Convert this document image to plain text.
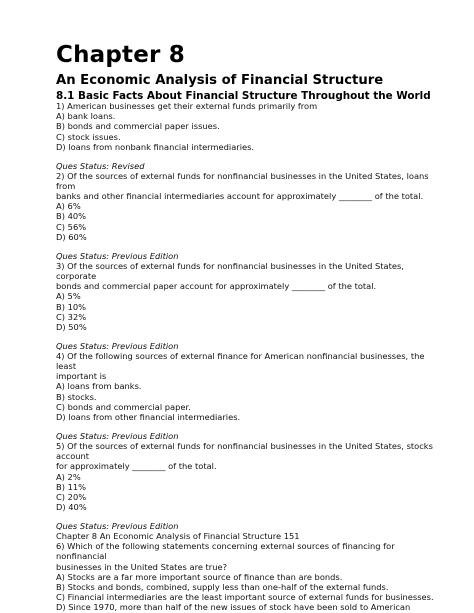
Chapter 8
An Economic Analysis of Financial Structure
8.1 Basic Facts About Financial Structure Throughout the World
1) American businesses get their external funds primarily from
A) bank loans.
B) bonds and commercial paper issues.
C) stock issues.
D) loans from nonbank financial intermediaries.
Ques Status: Revised
2) Of the sources of external funds for nonfinancial businesses in the United States, loans
from
banks and other financial intermediaries account for approximately ________ of the total.
A) 6%
B) 40%
C) 56%
D) 60%
Ques Status: Previous Edition
3) Of the sources of external funds for nonfinancial businesses in the United States,
corporate
bonds and commercial paper account for approximately ________ of the total.
A) 5%
B) 10%
C) 32%
D) 50%
Ques Status: Previous Edition
4) Of the following sources of external finance for American nonfinancial businesses, the
least
important is
A) loans from banks.
B) stocks.
C) bonds and commercial paper.
D) loans from other financial intermediaries.
Ques Status: Previous Edition
5) Of the sources of external funds for nonfinancial businesses in the United States, stocks
account
for approximately ________ of the total.
A) 2%
B) 11%
C) 20%
D) 40%
Ques Status: Previous Edition
Chapter 8 An Economic Analysis of Financial Structure 151
6) Which of the following statements concerning external sources of financing for
nonfinancial
businesses in the United States are true?
A) Stocks are a far more important source of finance than are bonds.
B) Stocks and bonds, combined, supply less than one-half of the external funds.
C) Financial intermediaries are the least important source of external funds for businesses.
D) Since 1970, more than half of the new issues of stock have been sold to American
